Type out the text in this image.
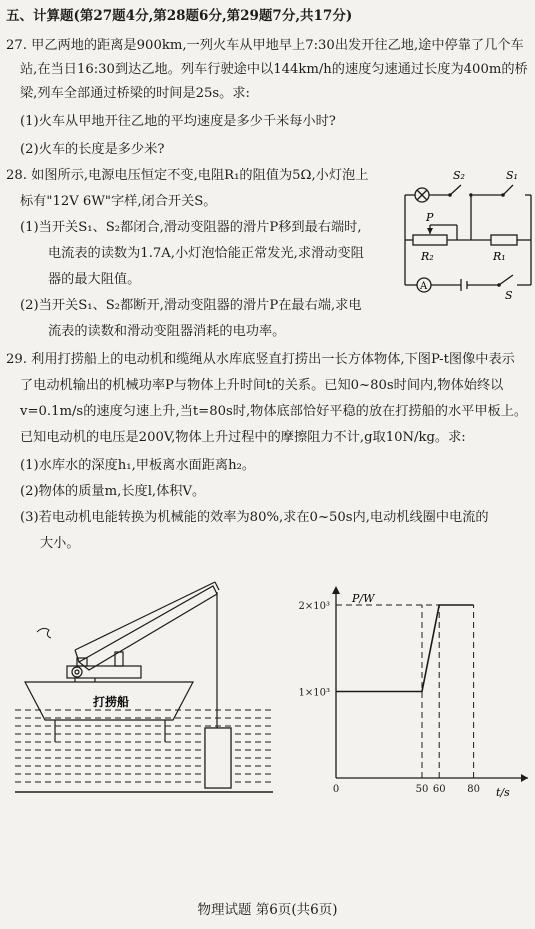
五、计算题(第27题4分,第28题6分,第29题7分,共17分)
27. 甲乙两地的距离是900km,一列火车从甲地早上7:30出发开往乙地,途中停靠了几个车
站,在当日16:30到达乙地。列车行驶途中以144km/h的速度匀速通过长度为400m的桥
梁,列车全部通过桥梁的时间是25s。求:
(1)火车从甲地开往乙地的平均速度是多少千米每小时?
(2)火车的长度是多少米?
28. 如图所示,电源电压恒定不变,电阻R₁的阻值为5Ω,小灯泡上
标有"12V 6W"字样,闭合开关S。
(1)当开关S₁、S₂都闭合,滑动变阻器的滑片P移到最右端时,
电流表的读数为1.7A,小灯泡恰能正常发光,求滑动变阻
器的最大阻值。
(2)当开关S₁、S₂都断开,滑动变阻器的滑片P在最右端,求电
流表的读数和滑动变阻器消耗的电功率。
S₂	S₁
P
R₂	R₁
A
S
29. 利用打捞船上的电动机和缆绳从水库底竖直打捞出一长方体物体,下图P-t图像中表示
了电动机输出的机械功率P与物体上升时间t的关系。已知0~80s时间内,物体始终以
v=0.1m/s的速度匀速上升,当t=80s时,物体底部恰好平稳的放在打捞船的水平甲板上。
已知电动机的电压是200V,物体上升过程中的摩擦阻力不计,g取10N/kg。求:
(1)水库水的深度h₁,甲板离水面距离h₂。
(2)物体的质量m,长度l,体积V。
(3)若电动机电能转换为机械能的效率为80%,求在0~50s内,电动机线圈中电流的
大小。
打捞船
P/W
t/s
1×10³
2×10³
0	50 60 80
物理试题 第6页(共6页)
